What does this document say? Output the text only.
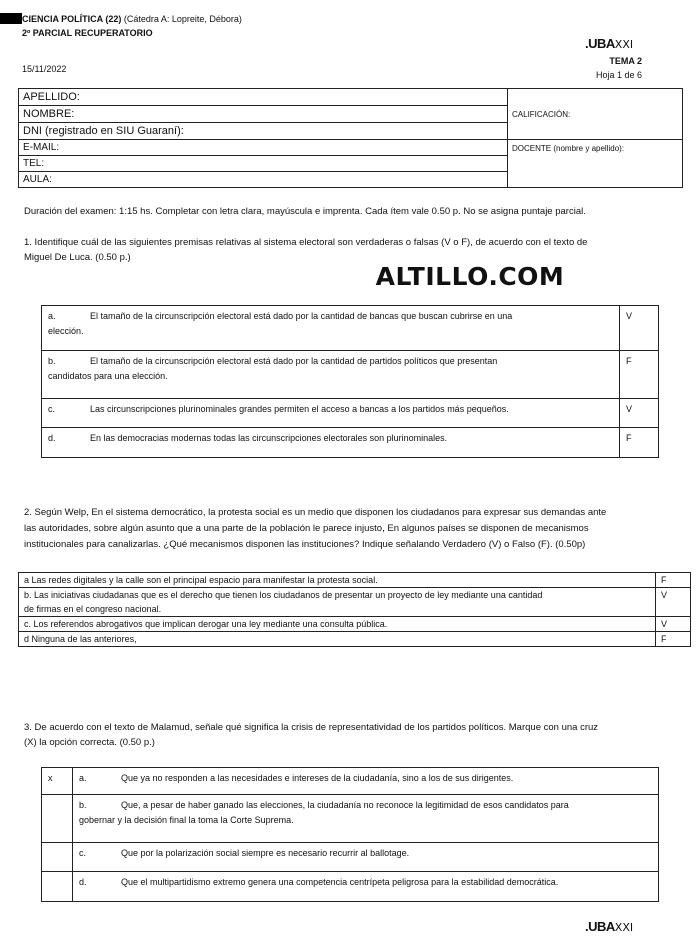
CIENCIA POLÍTICA (22) (Cátedra A: Lopreite, Débora)
2º PARCIAL RECUPERATORIO
15/11/2022
.UBAXXI
TEMA 2
Hoja 1 de 6
APELLIDO:	CALIFICACIÓN:
NOMBRE:	
DNI (registrado en SIU Guaraní):	
E-MAIL:	DOCENTE (nombre y apellido):
TEL:	
AULA:	
Duración del examen: 1:15 hs. Completar con letra clara, mayúscula e imprenta. Cada ítem vale 0.50 p. No se asigna puntaje parcial.
1. Identifique cuál de las siguientes premisas relativas al sistema electoral son verdaderas o falsas (V o F), de acuerdo con el texto de
Miguel De Luca. (0.50 p.)
ALTILLO.COM
a. El tamaño de la circunscripción electoral está dado por la cantidad de bancas que buscan cubrirse en una
elección.	V
b. El tamaño de la circunscripción electoral está dado por la cantidad de partidos políticos que presentan
candidatos para una elección.	F
c. Las circunscripciones plurinominales grandes permiten el acceso a bancas a los partidos más pequeños.	V
d. En las democracias modernas todas las circunscripciones electorales son plurinominales.	F
2. Según Welp, En el sistema democrático, la protesta social es un medio que disponen los ciudadanos para expresar sus demandas ante
las autoridades, sobre algún asunto que a una parte de la población le parece injusto, En algunos países se disponen de mecanismos
institucionales para canalizarlas. ¿Qué mecanismos disponen las instituciones? Indique señalando Verdadero (V) o Falso (F). (0.50p)
a Las redes digitales y la calle son el principal espacio para manifestar la protesta social.	F
b. Las iniciativas ciudadanas que es el derecho que tienen los ciudadanos de presentar un proyecto de ley mediante una cantidad
de firmas en el congreso nacional.	V
c. Los referendos abrogativos que implican derogar una ley mediante una consulta pública.	V
d Ninguna de las anteriores,	F
3. De acuerdo con el texto de Malamud, señale qué significa la crisis de representatividad de los partidos políticos. Marque con una cruz
(X) la opción correcta. (0.50 p.)
x	a. Que ya no responden a las necesidades e intereses de la ciudadanía, sino a los de sus dirigentes.
	b. Que, a pesar de haber ganado las elecciones, la ciudadanía no reconoce la legitimidad de esos candidatos para
gobernar y la decisión final la toma la Corte Suprema.
	c. Que por la polarización social siempre es necesario recurrir al ballotage.
	d. Que el multipartidismo extremo genera una competencia centrípeta peligrosa para la estabilidad democrática.
.UBAXXI
